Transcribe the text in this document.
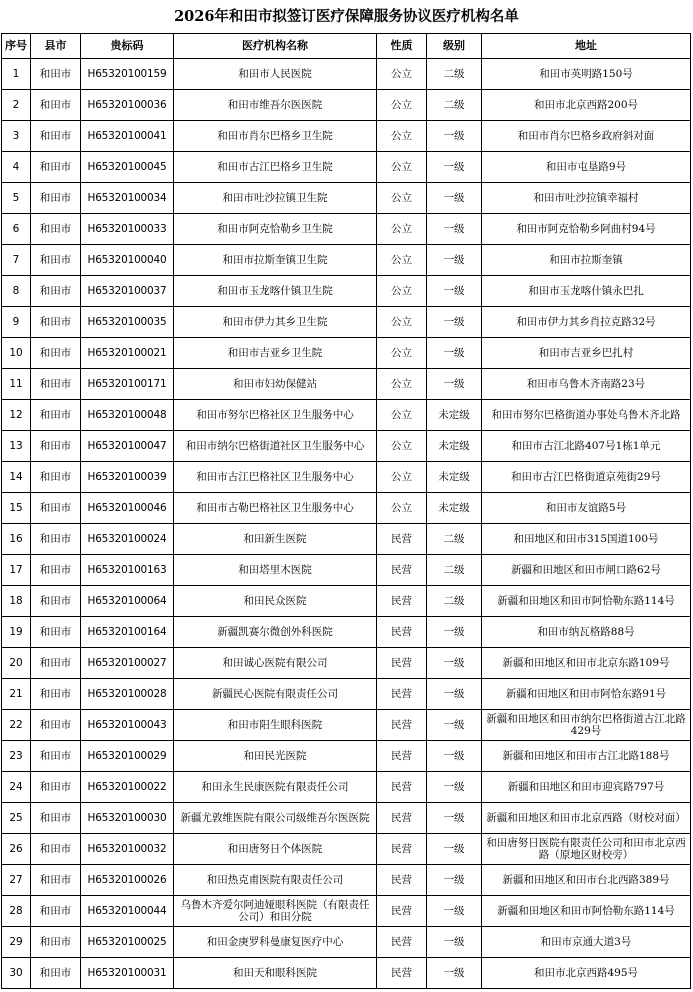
2026年和田市拟签订医疗保障服务协议医疗机构名单
序号	县市	贵标码	医疗机构名称	性质	级别	地址
1	和田市	H65320100159	和田市人民医院	公立	二级	和田市英明路150号
2	和田市	H65320100036	和田市维吾尔医医院	公立	二级	和田市北京西路200号
3	和田市	H65320100041	和田市肖尔巴格乡卫生院	公立	一级	和田市肖尔巴格乡政府斜对面
4	和田市	H65320100045	和田市古江巴格乡卫生院	公立	一级	和田市屯垦路9号
5	和田市	H65320100034	和田市吐沙拉镇卫生院	公立	一级	和田市吐沙拉镇幸福村
6	和田市	H65320100033	和田市阿克恰勒乡卫生院	公立	一级	和田市阿克恰勒乡阿曲村94号
7	和田市	H65320100040	和田市拉斯奎镇卫生院	公立	一级	和田市拉斯奎镇
8	和田市	H65320100037	和田市玉龙喀什镇卫生院	公立	一级	和田市玉龙喀什镇永巴扎
9	和田市	H65320100035	和田市伊力其乡卫生院	公立	一级	和田市伊力其乡肖拉克路32号
10	和田市	H65320100021	和田市吉亚乡卫生院	公立	一级	和田市吉亚乡巴扎村
11	和田市	H65320100171	和田市妇幼保健站	公立	一级	和田市乌鲁木齐南路23号
12	和田市	H65320100048	和田市努尔巴格社区卫生服务中心	公立	未定级	和田市努尔巴格街道办事处乌鲁木齐北路
13	和田市	H65320100047	和田市纳尔巴格街道社区卫生服务中心	公立	未定级	和田市古江北路407号1栋1单元
14	和田市	H65320100039	和田市古江巴格社区卫生服务中心	公立	未定级	和田市古江巴格街道京苑街29号
15	和田市	H65320100046	和田市古勒巴格社区卫生服务中心	公立	未定级	和田市友谊路5号
16	和田市	H65320100024	和田新生医院	民营	二级	和田地区和田市315国道100号
17	和田市	H65320100163	和田塔里木医院	民营	二级	新疆和田地区和田市闸口路62号
18	和田市	H65320100064	和田民众医院	民营	二级	新疆和田地区和田市阿恰勒东路114号
19	和田市	H65320100164	新疆凯赛尔微创外科医院	民营	一级	和田市纳瓦格路88号
20	和田市	H65320100027	和田诚心医院有限公司	民营	一级	新疆和田地区和田市北京东路109号
21	和田市	H65320100028	新疆民心医院有限责任公司	民营	一级	新疆和田地区和田市阿恰东路91号
22	和田市	H65320100043	和田市阳生眼科医院	民营	一级	新疆和田地区和田市纳尔巴格街道古江北路429号
23	和田市	H65320100029	和田民光医院	民营	一级	新疆和田地区和田市古江北路188号
24	和田市	H65320100022	和田永生民康医院有限责任公司	民营	一级	新疆和田地区和田市迎宾路797号
25	和田市	H65320100030	新疆尤敦维医院有限公司级维吾尔医医院	民营	一级	新疆和田地区和田市北京西路（财校对面）
26	和田市	H65320100032	和田唐努日个体医院	民营	一级	和田唐努日医院有限责任公司和田市北京西路（原地区财校旁）
27	和田市	H65320100026	和田热克甫医院有限责任公司	民营	一级	新疆和田地区和田市台北西路389号
28	和田市	H65320100044	乌鲁木齐爱尔阿迪娅眼科医院（有限责任公司）和田分院	民营	一级	新疆和田地区和田市阿恰勒东路114号
29	和田市	H65320100025	和田金庚罗科曼康复医疗中心	民营	一级	和田市京通大道3号
30	和田市	H65320100031	和田天和眼科医院	民营	一级	和田市北京西路495号
